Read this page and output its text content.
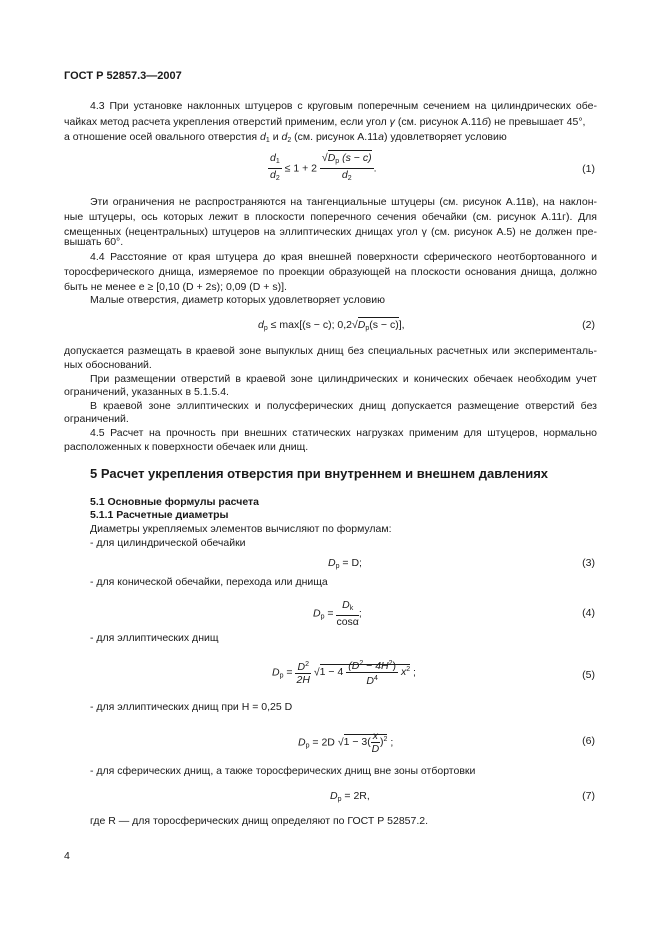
ГОСТ Р 52857.3—2007
4.3 При установке наклонных штуцеров с круговым поперечным сечением на цилиндрических обе-
чайках метод расчета укрепления отверстий применим, если угол γ (см. рисунок А.11б) не превышает 45°,
а отношение осей овального отверстия $d_1$ и $d_2$ (см. рисунок А.11а) удовлетворяет условию
$\frac{d_1}{d_2} \le 1 + 2 \frac{√D_p (s - c)}{d_2}$ .	(1)
Эти ограничения не распространяются на тангенциальные штуцеры (см. рисунок А.11в), на наклон-
ные штуцеры, ось которых лежит в плоскости поперечного сечения обечайки (см. рисунок А.11г). Для
смещенных (нецентральных) штуцеров на эллиптических днищах угол γ (см. рисунок А.5) не должен пре-
вышать 60°.
4.4 Расстояние от края штуцера до края внешней поверхности сферического неотбортованного и
торосферического днища, измеряемое по проекции образующей на плоскости основания днища, должно
быть не менее e ≥ [0,10 (D + 2s); 0,09 (D + s)].
Малые отверстия, диаметр которых удовлетворяет условию
$d_p \le \max[(s - c)$; $0,2√D_p(s - c)$],	(2)
допускается размещать в краевой зоне выпуклых днищ без специальных расчетных или эксперименталь-
ных обоснований.
При размещении отверстий в краевой зоне цилиндрических и конических обечаек необходим учет
ограничений, указанных в 5.1.5.4.
В краевой зоне эллиптических и полусферических днищ допускается размещение отверстий без
ограничений.
4.5 Расчет на прочность при внешних статических нагрузках применим для штуцеров, нормально
расположенных к поверхности обечаек или днищ.
5 Расчет укрепления отверстия при внутреннем и внешнем давлениях
5.1 Основные формулы расчета
5.1.1 Расчетные диаметры
Диаметры укрепляемых элементов вычисляют по формулам:
- для цилиндрической обечайки
$D_p = D$;	(3)
- для конической обечайки, перехода или днища
$D_p = \frac{D_k}{\cos\alpha}$ ;	(4)
- для эллиптических днищ
$D_p = \frac{D^2}{2H} √1 - 4 \frac{(D^2 - 4H^2)}{D^4} x^2$ ;	(5)
- для эллиптических днищ при H = 0,25 D
$D_p = 2D$ $√1 - 3( \frac{x}{D} )^2$ ;	(6)
- для сферических днищ, а также торосферических днищ вне зоны отбортовки
$D_p = 2R$,	(7)
где R — для торосферических днищ определяют по ГОСТ Р 52857.2.
4
